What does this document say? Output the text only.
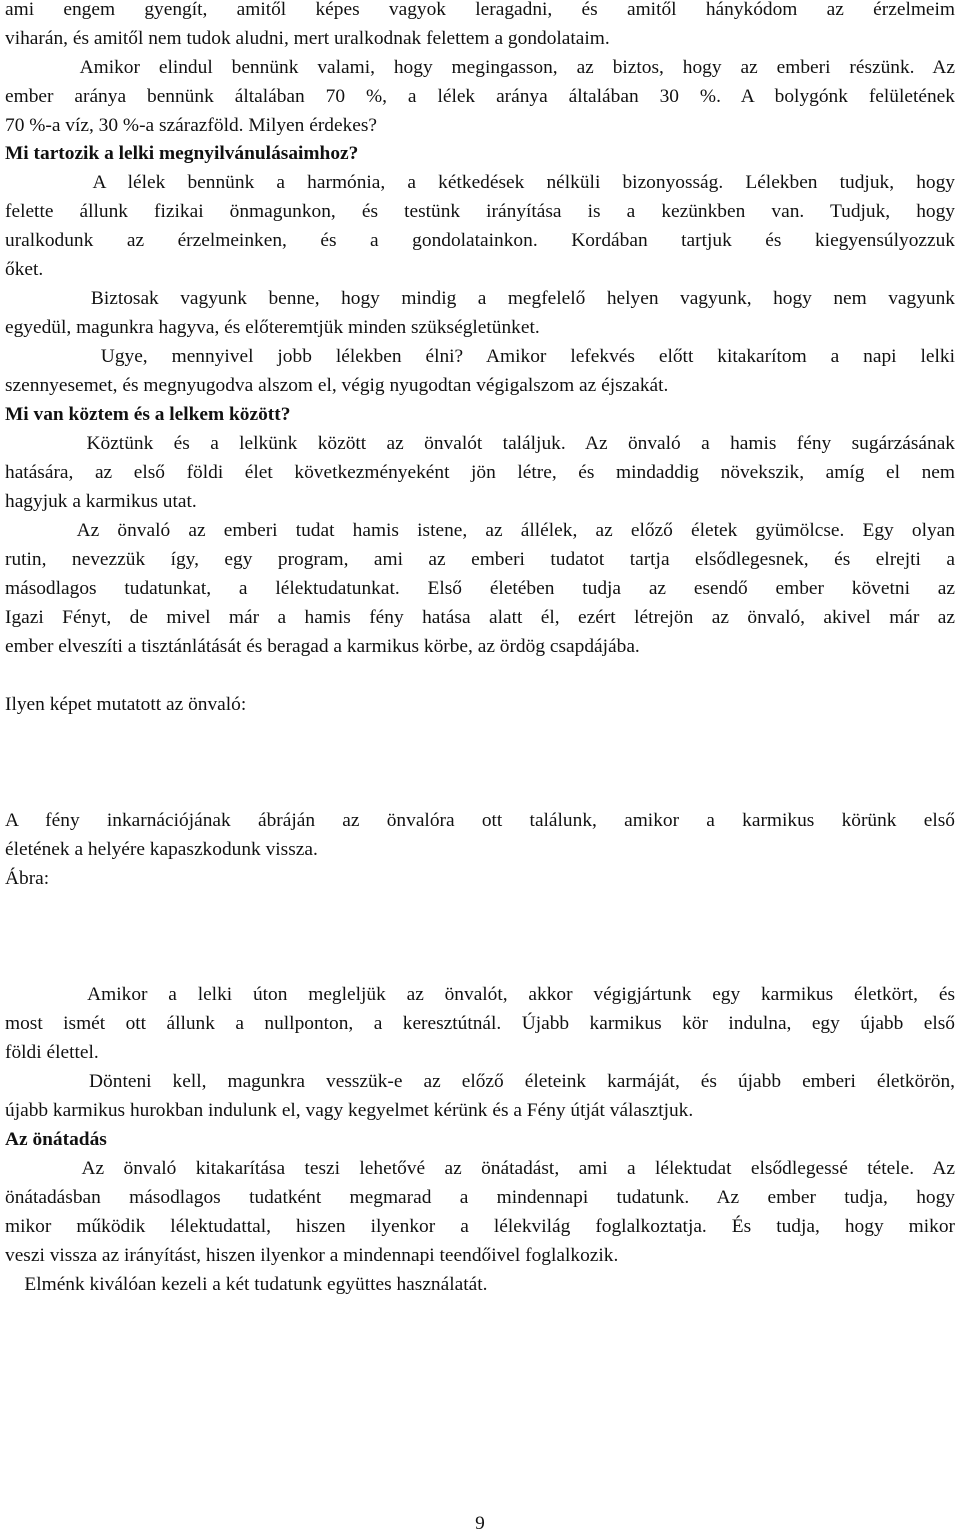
ami engem gyengít, amitől képes vagyok leragadni, és amitől hánykódom az érzelmeim
viharán, és amitől nem tudok aludni, mert uralkodnak felettem a gondolataim.
Amikor elindul bennünk valami, hogy megingasson, az biztos, hogy az emberi részünk. Az
ember aránya bennünk általában 70 %, a lélek aránya általában 30 %. A bolygónk felületének
70 %-a víz, 30 %-a szárazföld. Milyen érdekes?
Mi tartozik a lelki megnyilvánulásaimhoz?
A lélek bennünk a harmónia, a kétkedések nélküli bizonyosság. Lélekben tudjuk, hogy
felette állunk fizikai önmagunkon, és testünk irányítása is a kezünkben van. Tudjuk, hogy
uralkodunk az érzelmeinken, és a gondolatainkon. Kordában tartjuk és kiegyensúlyozzuk
őket.
Biztosak vagyunk benne, hogy mindig a megfelelő helyen vagyunk, hogy nem vagyunk
egyedül, magunkra hagyva, és előteremtjük minden szükségletünket.
Ugye, mennyivel jobb lélekben élni? Amikor lefekvés előtt kitakarítom a napi lelki
szennyesemet, és megnyugodva alszom el, végig nyugodtan végigalszom az éjszakát.
Mi van köztem és a lelkem között?
Köztünk és a lelkünk között az önvalót találjuk. Az önvaló a hamis fény sugárzásának
hatására, az első földi élet következményeként jön létre, és mindaddig növekszik, amíg el nem
hagyjuk a karmikus utat.
Az önvaló az emberi tudat hamis istene, az állélek, az előző életek gyümölcse. Egy olyan
rutin, nevezzük így, egy program, ami az emberi tudatot tartja elsődlegesnek, és elrejti a
másodlagos tudatunkat, a lélektudatunkat. Első életében tudja az esendő ember követni az
Igazi Fényt, de mivel már a hamis fény hatása alatt él, ezért létrejön az önvaló, akivel már az
ember elveszíti a tisztánlátását és beragad a karmikus körbe, az ördög csapdájába.
Ilyen képet mutatott az önvaló:
A fény inkarnációjának ábráján az önvalóra ott találunk, amikor a karmikus körünk első
életének a helyére kapaszkodunk vissza.
Ábra:
Amikor a lelki úton megleljük az önvalót, akkor végigjártunk egy karmikus életkört, és
most ismét ott állunk a nullponton, a keresztútnál. Újabb karmikus kör indulna, egy újabb első
földi élettel.
Dönteni kell, magunkra vesszük-e az előző életeink karmáját, és újabb emberi életkörön,
újabb karmikus hurokban indulunk el, vagy kegyelmet kérünk és a Fény útját választjuk.
Az önátadás
Az önvaló kitakarítása teszi lehetővé az önátadást, ami a lélektudat elsődlegessé tétele. Az
önátadásban másodlagos tudatként megmarad a mindennapi tudatunk. Az ember tudja, hogy
mikor működik lélektudattal, hiszen ilyenkor a lélekvilág foglalkoztatja. És tudja, hogy mikor
veszi vissza az irányítást, hiszen ilyenkor a mindennapi teendőivel foglalkozik.
Elménk kiválóan kezeli a két tudatunk együttes használatát.
9
